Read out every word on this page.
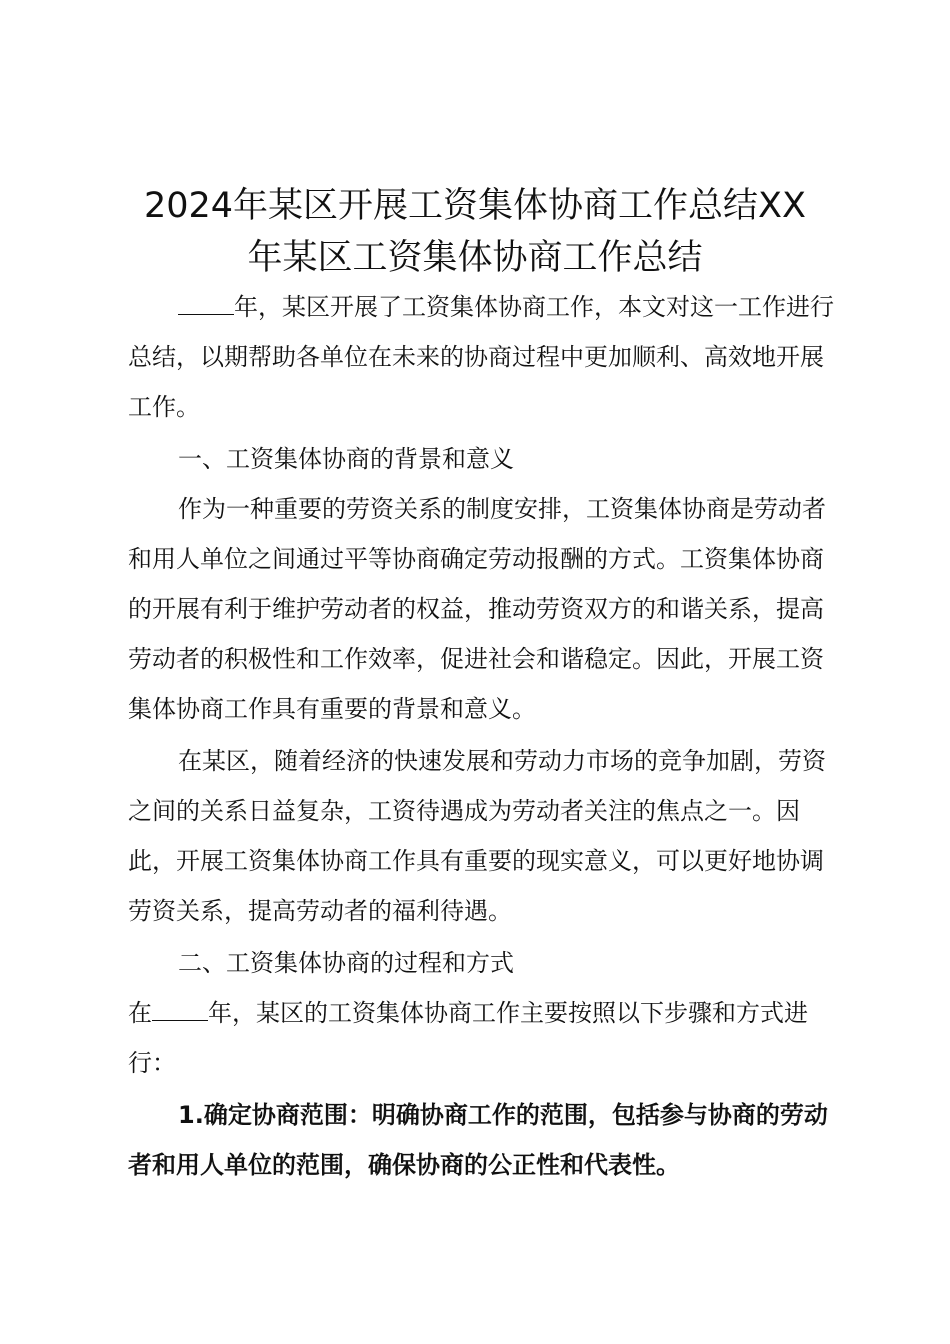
2024年某区开展工资集体协商工作总结XX
年某区工资集体协商工作总结

年，某区开展了工资集体协商工作，本文对这一工作进行总结，以期帮助各单位在未来的协商过程中更加顺利、高效地开展工作。

一、工资集体协商的背景和意义

作为一种重要的劳资关系的制度安排，工资集体协商是劳动者和用人单位之间通过平等协商确定劳动报酬的方式。工资集体协商的开展有利于维护劳动者的权益，推动劳资双方的和谐关系，提高劳动者的积极性和工作效率，促进社会和谐稳定。因此，开展工资集体协商工作具有重要的背景和意义。

在某区，随着经济的快速发展和劳动力市场的竞争加剧，劳资之间的关系日益复杂，工资待遇成为劳动者关注的焦点之一。因此，开展工资集体协商工作具有重要的现实意义，可以更好地协调劳资关系，提高劳动者的福利待遇。

二、工资集体协商的过程和方式

在 年，某区的工资集体协商工作主要按照以下步骤和方式进行：

1.确定协商范围：明确协商工作的范围，包括参与协商的劳动者和用人单位的范围，确保协商的公正性和代表性。
